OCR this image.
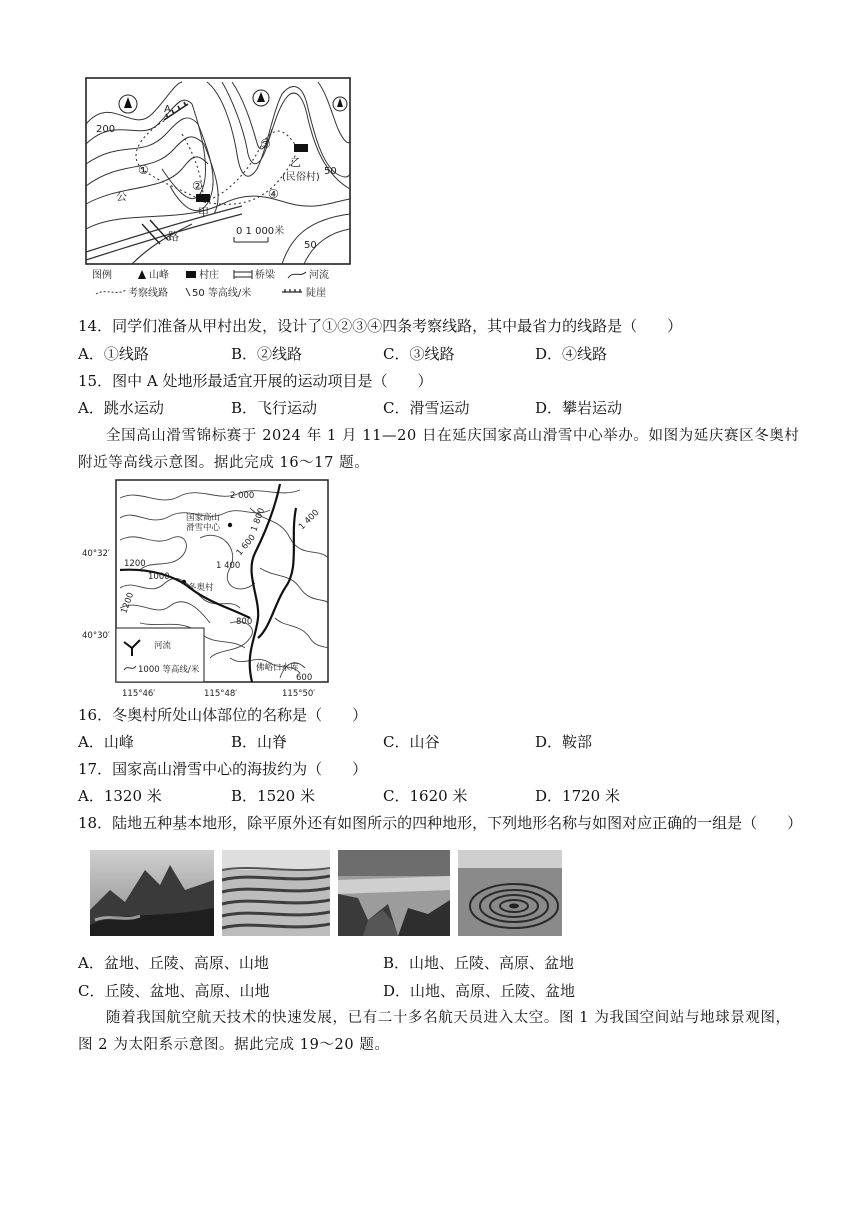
A
①
②
③
④
甲
乙
(民俗村)
200
50
50
公
路	0 1 000米
图例	山峰	村庄	桥梁	河流
考察线路 50 等高线/米	陡崖
14．同学们准备从甲村出发，设计了①②③④四条考察线路，其中最省力的线路是（　　）
A．①线路	B．②线路	C．③线路	D．④线路
15．图中 A 处地形最适宜开展的运动项目是（　　）
A．跳水运动	B．飞行运动	C．滑雪运动	D．攀岩运动
全国高山滑雪锦标赛于 2024 年 1 月 11—20 日在延庆国家高山滑雪中心举办。如图为延庆赛区冬奥村
附近等高线示意图。据此完成 16～17 题。
河流
1000 等高线/米
国家高山
滑雪中心
冬奥村
佛峪口水库
2 000
1 800
1 600
1 400
1 400
1200
1200
1000
800
600
40°32′
40°30′
115°46′	115°48′	115°50′
16．冬奥村所处山体部位的名称是（　　）
A．山峰	B．山脊	C．山谷	D．鞍部
17．国家高山滑雪中心的海拔约为（　　）
A．1320 米	B．1520 米	C．1620 米	D．1720 米
18．陆地五种基本地形，除平原外还有如图所示的四种地形，下列地形名称与如图对应正确的一组是（　　）
A．盆地、丘陵、高原、山地	B．山地、丘陵、高原、盆地
C．丘陵、盆地、高原、山地	D．山地、高原、丘陵、盆地
随着我国航空航天技术的快速发展，已有二十多名航天员进入太空。图 1 为我国空间站与地球景观图，
图 2 为太阳系示意图。据此完成 19～20 题。
